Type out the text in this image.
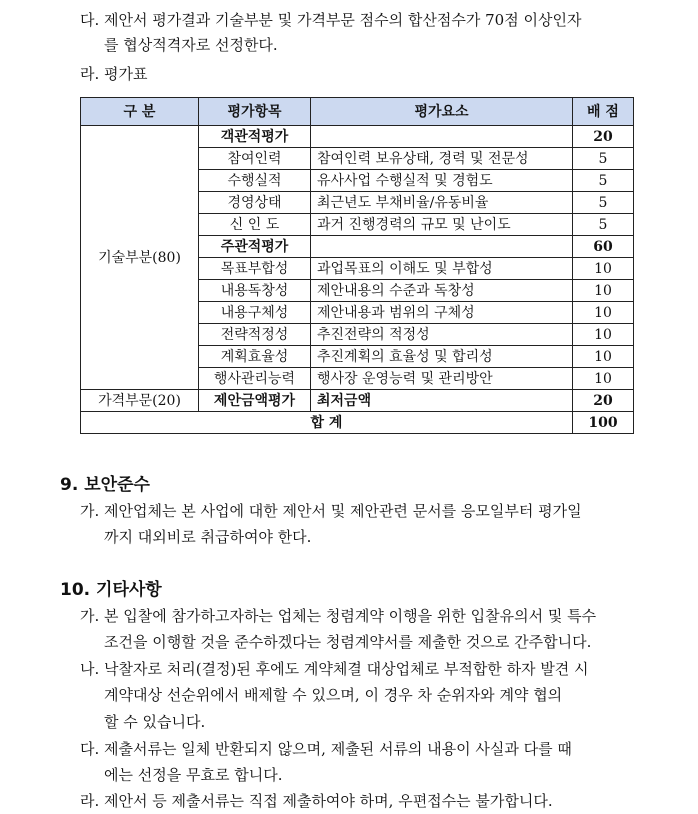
다. 제안서 평가결과 기술부분 및 가격부문 점수의 합산점수가 70점 이상인자
를 협상적격자로 선정한다.
라. 평가표
구 분	평가항목	평가요소	배 점
기술부분(80)	객관적평가		20
	참여인력	참여인력 보유상태, 경력 및 전문성	5
	수행실적	유사사업 수행실적 및 경험도	5
	경영상태	최근년도 부채비율/유동비율	5
	신 인 도	과거 진행경력의 규모 및 난이도	5
	주관적평가		60
	목표부합성	과업목표의 이해도 및 부합성	10
	내용독창성	제안내용의 수준과 독창성	10
	내용구체성	제안내용과 범위의 구체성	10
	전략적정성	추진전략의 적정성	10
	계획효율성	추진계획의 효율성 및 합리성	10
	행사관리능력	행사장 운영능력 및 관리방안	10
가격부문(20)	제안금액평가	최저금액	20
합 계			100
9. 보안준수
가. 제안업체는 본 사업에 대한 제안서 및 제안관련 문서를 응모일부터 평가일
까지 대외비로 취급하여야 한다.
10. 기타사항
가. 본 입찰에 참가하고자하는 업체는 청렴계약 이행을 위한 입찰유의서 및 특수
조건을 이행할 것을 준수하겠다는 청렴계약서를 제출한 것으로 간주합니다.
나. 낙찰자로 처리(결정)된 후에도 계약체결 대상업체로 부적합한 하자 발견 시
계약대상 선순위에서 배제할 수 있으며, 이 경우 차 순위자와 계약 협의
할 수 있습니다.
다. 제출서류는 일체 반환되지 않으며, 제출된 서류의 내용이 사실과 다를 때
에는 선정을 무효로 합니다.
라. 제안서 등 제출서류는 직접 제출하여야 하며, 우편접수는 불가합니다.
